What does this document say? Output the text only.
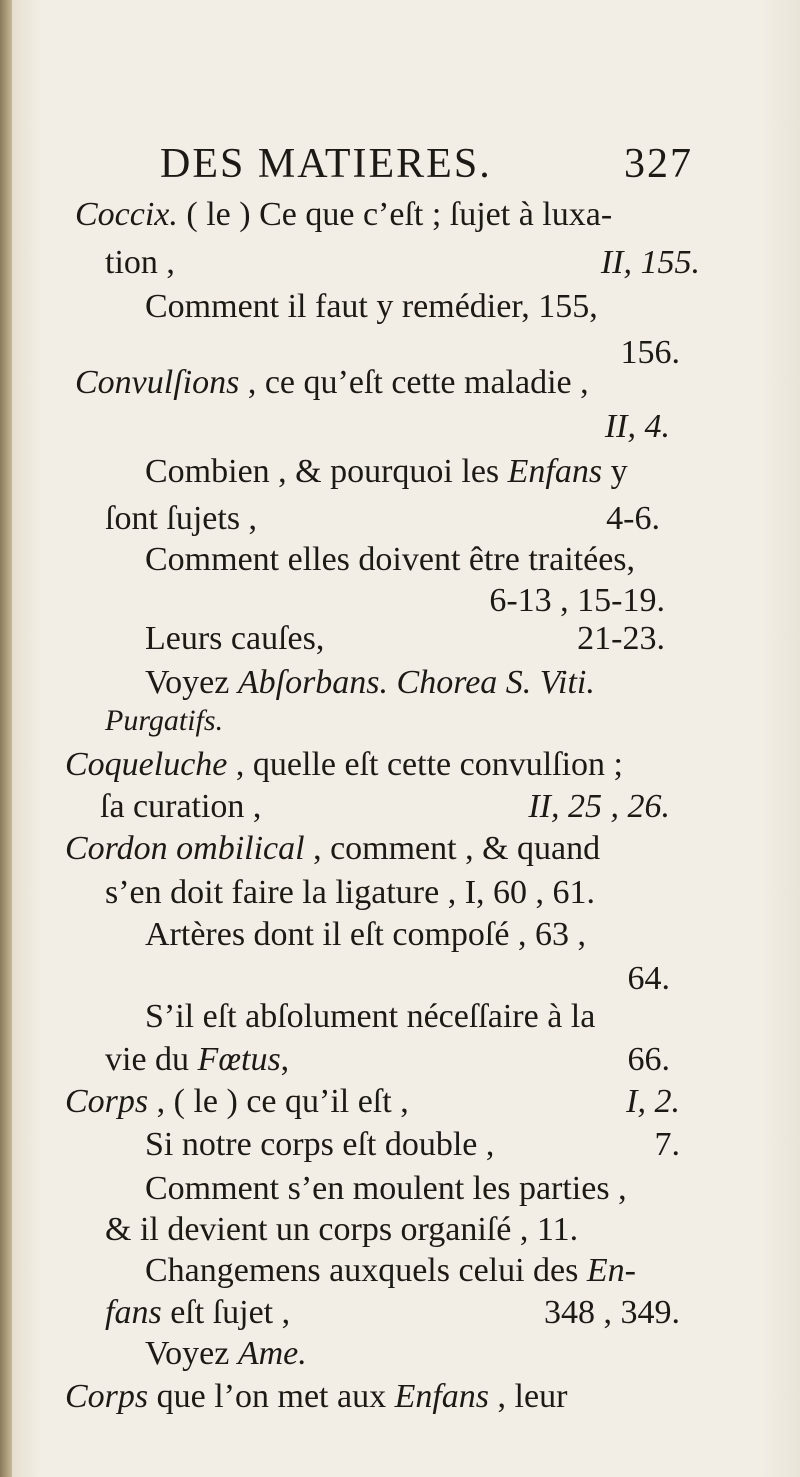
DES MATIERES.	327
Coccix. ( le ) Ce que c’eſt ; ſujet à luxa-
tion ,	II, 155.
Comment il faut y remédier, 155,
156.
Convulſions , ce qu’eſt cette maladie ,
II, 4.
Combien , & pourquoi les Enfans y
ſont ſujets ,	4-6.
Comment elles doivent être traitées,
6-13 , 15-19.
Leurs cauſes,	21-23.
Voyez Abſorbans. Chorea S. Viti.
Purgatifs.
Coqueluche , quelle eſt cette convulſion ;
ſa curation ,	II, 25 , 26.
Cordon ombilical , comment , & quand
s’en doit faire la ligature , I, 60 , 61.
Artères dont il eſt compoſé , 63 ,
64.
S’il eſt abſolument néceſſaire à la
vie du Fœtus,	66.
Corps , ( le ) ce qu’il eſt ,	I, 2.
Si notre corps eſt double ,	7.
Comment s’en moulent les parties ,
& il devient un corps organiſé , 11.
Changemens auxquels celui des En-
fans eſt ſujet ,	348 , 349.
Voyez Ame.
Corps que l’on met aux Enfans , leur
